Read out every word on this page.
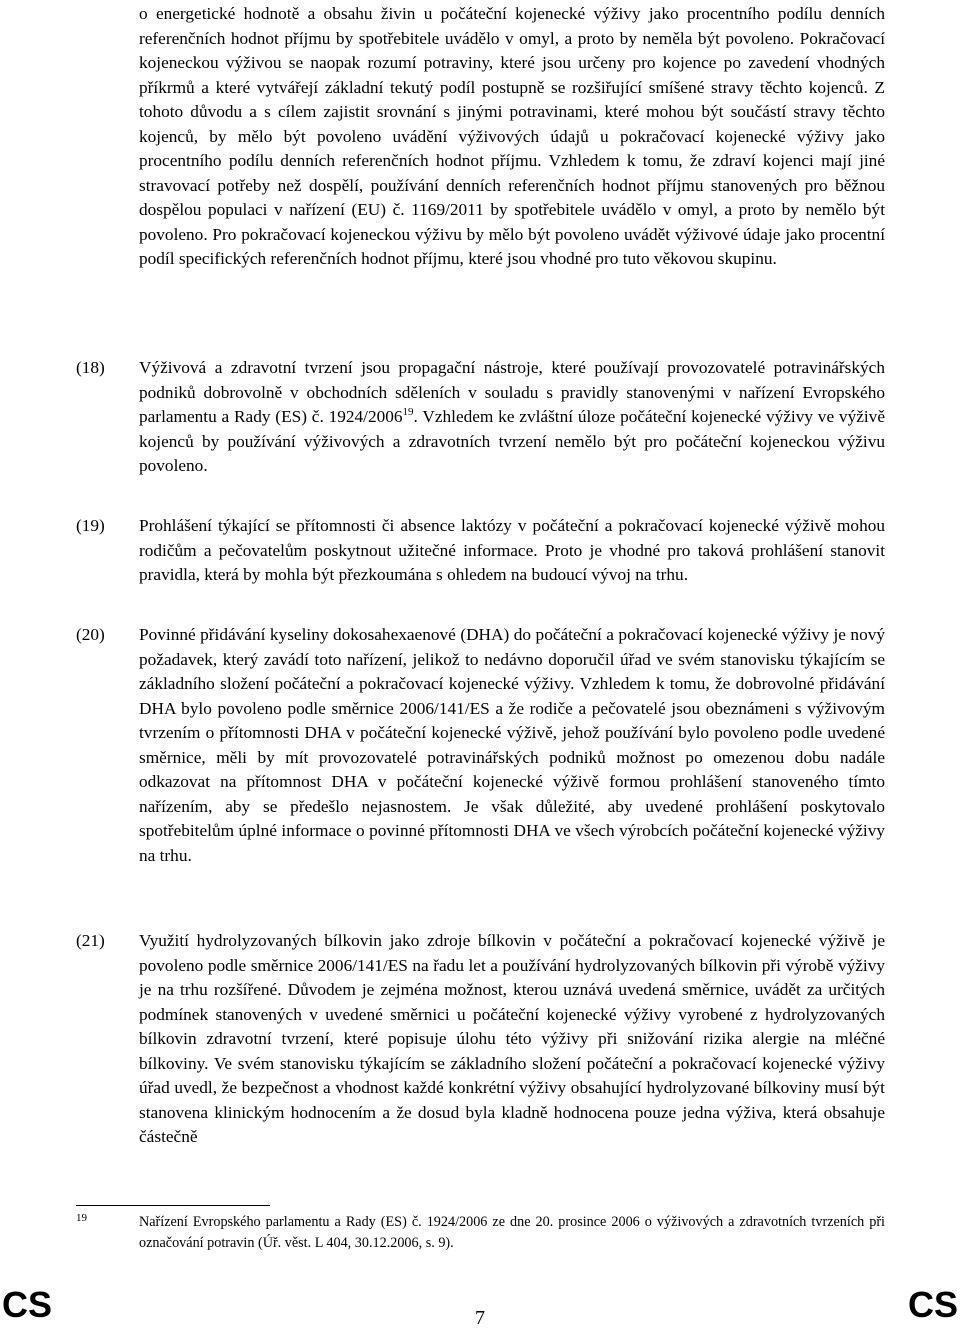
o energetické hodnotě a obsahu živin u počáteční kojenecké výživy jako procentního podílu denních referenčních hodnot příjmu by spotřebitele uvádělo v omyl, a proto by neměla být povoleno. Pokračovací kojeneckou výživou se naopak rozumí potraviny, které jsou určeny pro kojence po zavedení vhodných příkrmů a které vytvářejí základní tekutý podíl postupně se rozšiřující smíšené stravy těchto kojenců. Z tohoto důvodu a s cílem zajistit srovnání s jinými potravinami, které mohou být součástí stravy těchto kojenců, by mělo být povoleno uvádění výživových údajů u pokračovací kojenecké výživy jako procentního podílu denních referenčních hodnot příjmu. Vzhledem k tomu, že zdraví kojenci mají jiné stravovací potřeby než dospělí, používání denních referenčních hodnot příjmu stanovených pro běžnou dospělou populaci v nařízení (EU) č. 1169/2011 by spotřebitele uvádělo v omyl, a proto by nemělo být povoleno. Pro pokračovací kojeneckou výživu by mělo být povoleno uvádět výživové údaje jako procentní podíl specifických referenčních hodnot příjmu, které jsou vhodné pro tuto věkovou skupinu.
(18)	Výživová a zdravotní tvrzení jsou propagační nástroje, které používají provozovatelé potravinářských podniků dobrovolně v obchodních sděleních v souladu s pravidly stanovenými v nařízení Evropského parlamentu a Rady (ES) č. 1924/2006$^{19}$. Vzhledem ke zvláštní úloze počáteční kojenecké výživy ve výživě kojenců by používání výživových a zdravotních tvrzení nemělo být pro počáteční kojeneckou výživu povoleno.
(19)	Prohlášení týkající se přítomnosti či absence laktózy v počáteční a pokračovací kojenecké výživě mohou rodičům a pečovatelům poskytnout užitečné informace. Proto je vhodné pro taková prohlášení stanovit pravidla, která by mohla být přezkoumána s ohledem na budoucí vývoj na trhu.
(20)	Povinné přidávání kyseliny dokosahexaenové (DHA) do počáteční a pokračovací kojenecké výživy je nový požadavek, který zavádí toto nařízení, jelikož to nedávno doporučil úřad ve svém stanovisku týkajícím se základního složení počáteční a pokračovací kojenecké výživy. Vzhledem k tomu, že dobrovolné přidávání DHA bylo povoleno podle směrnice 2006/141/ES a že rodiče a pečovatelé jsou obeznámeni s výživovým tvrzením o přítomnosti DHA v počáteční kojenecké výživě, jehož používání bylo povoleno podle uvedené směrnice, měli by mít provozovatelé potravinářských podniků možnost po omezenou dobu nadále odkazovat na přítomnost DHA v počáteční kojenecké výživě formou prohlášení stanoveného tímto nařízením, aby se předešlo nejasnostem. Je však důležité, aby uvedené prohlášení poskytovalo spotřebitelům úplné informace o povinné přítomnosti DHA ve všech výrobcích počáteční kojenecké výživy na trhu.
(21)	Využití hydrolyzovaných bílkovin jako zdroje bílkovin v počáteční a pokračovací kojenecké výživě je povoleno podle směrnice 2006/141/ES na řadu let a používání hydrolyzovaných bílkovin při výrobě výživy je na trhu rozšířené. Důvodem je zejména možnost, kterou uznává uvedená směrnice, uvádět za určitých podmínek stanovených v uvedené směrnici u počáteční kojenecké výživy vyrobené z hydrolyzovaných bílkovin zdravotní tvrzení, které popisuje úlohu této výživy při snižování rizika alergie na mléčné bílkoviny. Ve svém stanovisku týkajícím se základního složení počáteční a pokračovací kojenecké výživy úřad uvedl, že bezpečnost a vhodnost každé konkrétní výživy obsahující hydrolyzované bílkoviny musí být stanovena klinickým hodnocením a že dosud byla kladně hodnocena pouze jedna výživa, která obsahuje částečně
19	Nařízení Evropského parlamentu a Rady (ES) č. 1924/2006 ze dne 20. prosince 2006 o výživových a zdravotních tvrzeních při označování potravin (Úř. věst. L 404, 30.12.2006, s. 9).
CS	7	CS
